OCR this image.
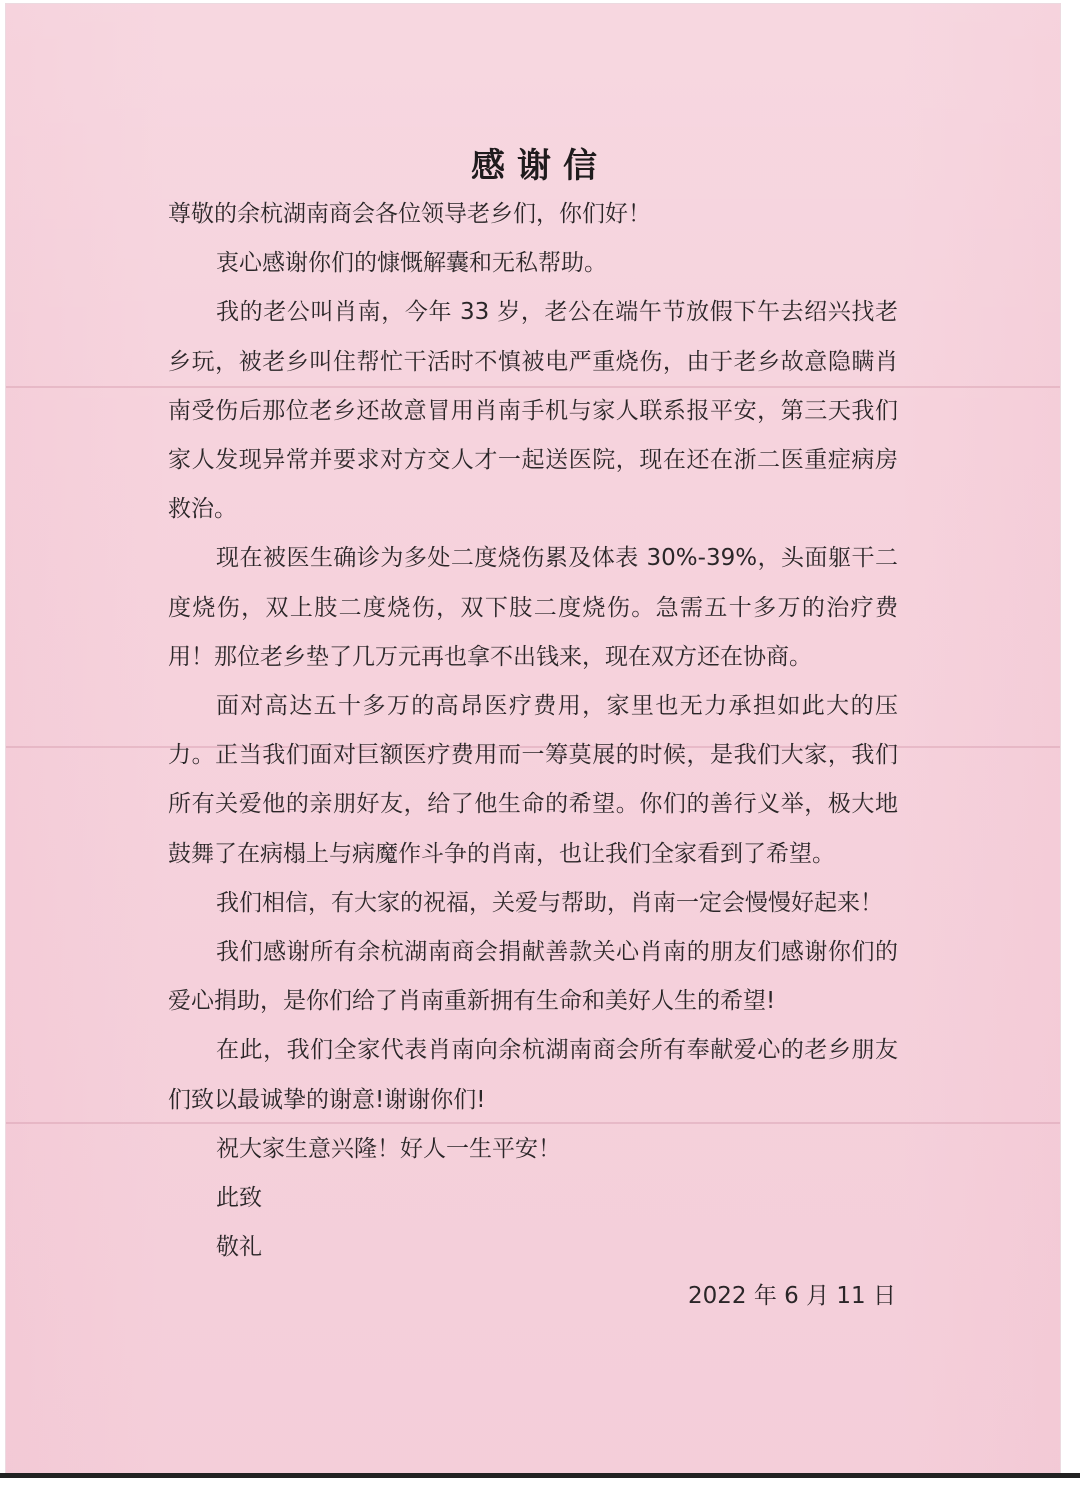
感谢信

尊敬的余杭湖南商会各位领导老乡们，你们好！

衷心感谢你们的慷慨解囊和无私帮助。

我的老公叫肖南，今年 33 岁，老公在端午节放假下午去绍兴找老乡玩，被老乡叫住帮忙干活时不慎被电严重烧伤，由于老乡故意隐瞒肖南受伤后那位老乡还故意冒用肖南手机与家人联系报平安，第三天我们家人发现异常并要求对方交人才一起送医院，现在还在浙二医重症病房救治。

现在被医生确诊为多处二度烧伤累及体表 30%-39%，头面躯干二度烧伤，双上肢二度烧伤，双下肢二度烧伤。急需五十多万的治疗费用！那位老乡垫了几万元再也拿不出钱来，现在双方还在协商。

面对高达五十多万的高昂医疗费用，家里也无力承担如此大的压力。正当我们面对巨额医疗费用而一筹莫展的时候，是我们大家，我们所有关爱他的亲朋好友，给了他生命的希望。你们的善行义举，极大地鼓舞了在病榻上与病魔作斗争的肖南，也让我们全家看到了希望。

我们相信，有大家的祝福，关爱与帮助，肖南一定会慢慢好起来！

我们感谢所有余杭湖南商会捐献善款关心肖南的朋友们感谢你们的爱心捐助，是你们给了肖南重新拥有生命和美好人生的希望!

在此，我们全家代表肖南向余杭湖南商会所有奉献爱心的老乡朋友们致以最诚挚的谢意!谢谢你们!

祝大家生意兴隆！好人一生平安！

此致

敬礼

2022 年 6 月 11 日
